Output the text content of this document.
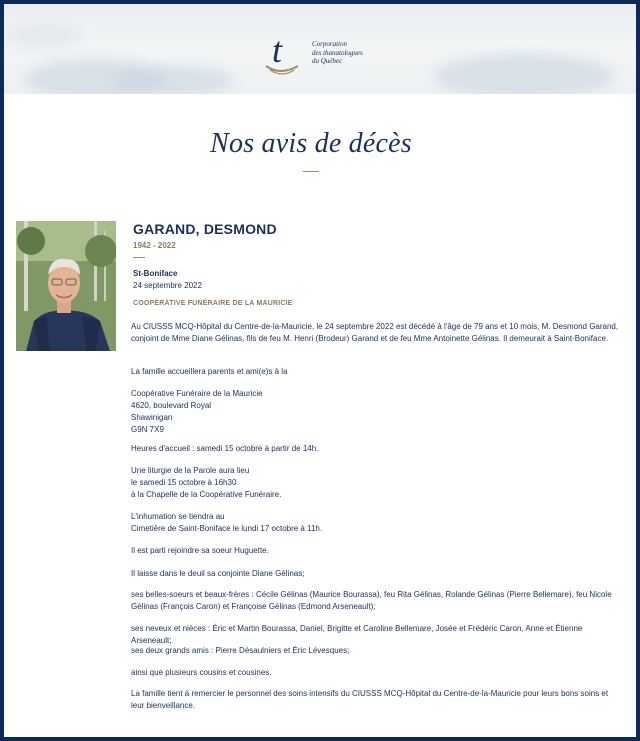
t	Corporation
des thanatologues
du Québec
Nos avis de décès
GARAND, DESMOND
1942 - 2022
St-Boniface
24 septembre 2022
COOPÉRATIVE FUNÉRAIRE DE LA MAURICIE
Au CIUSSS MCQ-Hôpital du Centre-de-la-Mauricie, le 24 septembre 2022 est décédé à l'âge de 79 ans et 10 mois, M. Desmond Garand, conjoint de Mme Diane Gélinas, fils de feu M. Henri (Brodeur) Garand et de feu Mme Antoinette Gélinas. Il demeurait à Saint-Boniface.
La famille accueillera parents et ami(e)s à la
Coopérative Funéraire de la Mauricie
4620, boulevard Royal
Shawinigan
G9N 7X9
Heures d'accueil : samedi 15 octobre à partir de 14h.
Une liturgie de la Parole aura lieu
le samedi 15 octobre à 16h30
à la Chapelle de la Coopérative Funéraire.
L'inhumation se tiendra au
Cimetière de Saint-Boniface le lundi 17 octobre à 11h.
Il est parti rejoindre sa soeur Huguette.
Il laisse dans le deuil sa conjointe Diane Gélinas;
ses belles-soeurs et beaux-frères : Cécile Gélinas (Maurice Bourassa), feu Rita Gélinas, Rolande Gélinas (Pierre Bellemare), feu Nicole Gélinas (François Caron) et Françoise Gélinas (Edmond Arseneault);
ses neveux et nièces : Éric et Martin Bourassa, Daniel, Brigitte et Caroline Bellemare, Josée et Frédéric Caron, Anne et Étienne Arseneault;
ses deux grands amis : Pierre Désaulniers et Éric Lévesques;
ainsi que plusieurs cousins et cousines.
La famille tient à remercier le personnel des soins intensifs du CIUSSS MCQ-Hôpital du Centre-de-la-Mauricie pour leurs bons soins et leur bienveillance.
